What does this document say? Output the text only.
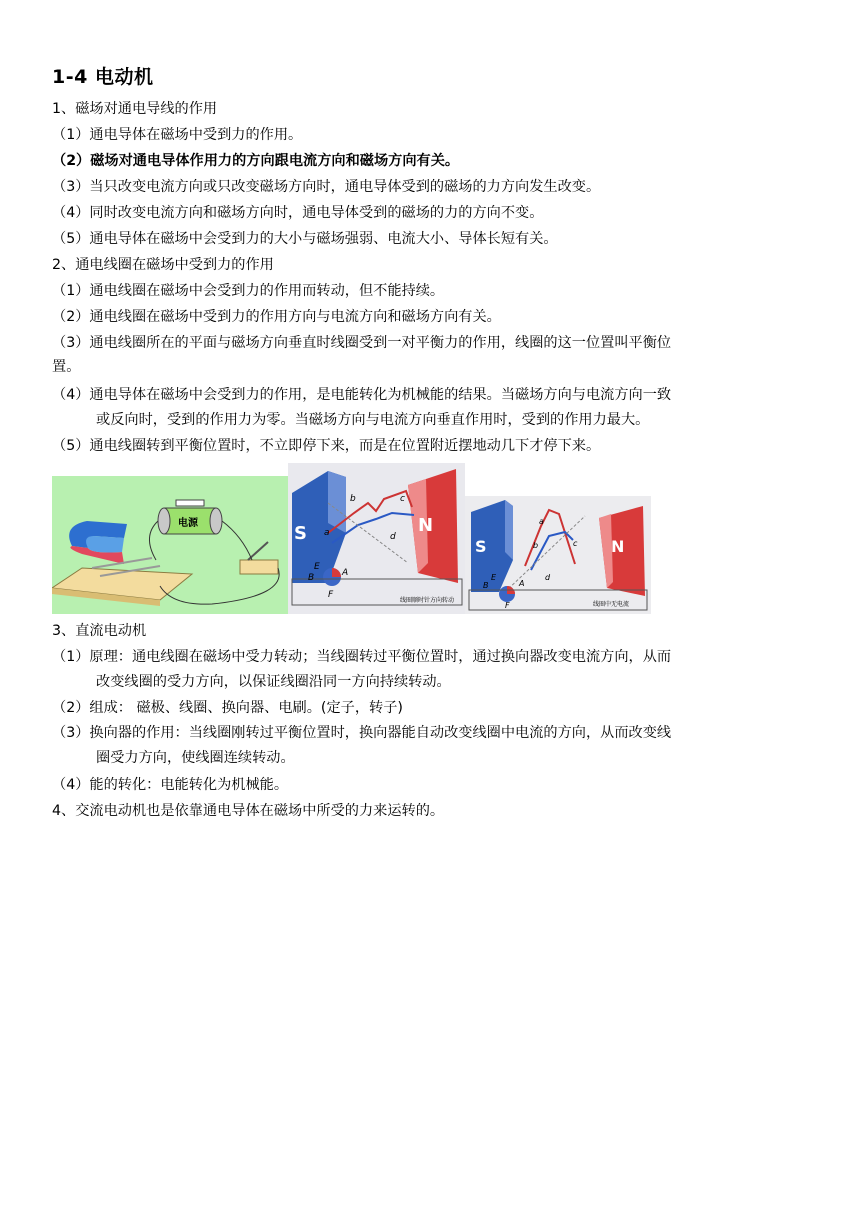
1-4 电动机
1、磁场对通电导线的作用
（1）通电导体在磁场中受到力的作用。
（2）磁场对通电导体作用力的方向跟电流方向和磁场方向有关。
（3）当只改变电流方向或只改变磁场方向时，通电导体受到的磁场的力方向发生改变。
（4）同时改变电流方向和磁场方向时，通电导体受到的磁场的力的方向不变。
（5）通电导体在磁场中会受到力的大小与磁场强弱、电流大小、导体长短有关。
2、通电线圈在磁场中受到力的作用
（1）通电线圈在磁场中会受到力的作用而转动，但不能持续。
（2）通电线圈在磁场中受到力的作用方向与电流方向和磁场方向有关。
（3）通电线圈所在的平面与磁场方向垂直时线圈受到一对平衡力的作用，线圈的这一位置叫平衡位
置。
（4）通电导体在磁场中会受到力的作用，是电能转化为机械能的结果。当磁场方向与电流方向一致
或反向时，受到的作用力为零。当磁场方向与电流方向垂直作用时，受到的作用力最大。
（5）通电线圈转到平衡位置时，不立即停下来，而是在位置附近摆地动几下才停下来。
电源	S	N
b	c
a	d
B
E
A
F
线圈顺时针方向转动
S	N
a
b	c
d
B
E
A
F	线圈中无电流
3、直流电动机
（1）原理：通电线圈在磁场中受力转动；当线圈转过平衡位置时，通过换向器改变电流方向，从而
改变线圈的受力方向，以保证线圈沿同一方向持续转动。
（2）组成： 磁极、线圈、换向器、电刷。(定子，转子)
（3）换向器的作用：当线圈刚转过平衡位置时，换向器能自动改变线圈中电流的方向，从而改变线
圈受力方向，使线圈连续转动。
（4）能的转化：电能转化为机械能。
4、交流电动机也是依靠通电导体在磁场中所受的力来运转的。
